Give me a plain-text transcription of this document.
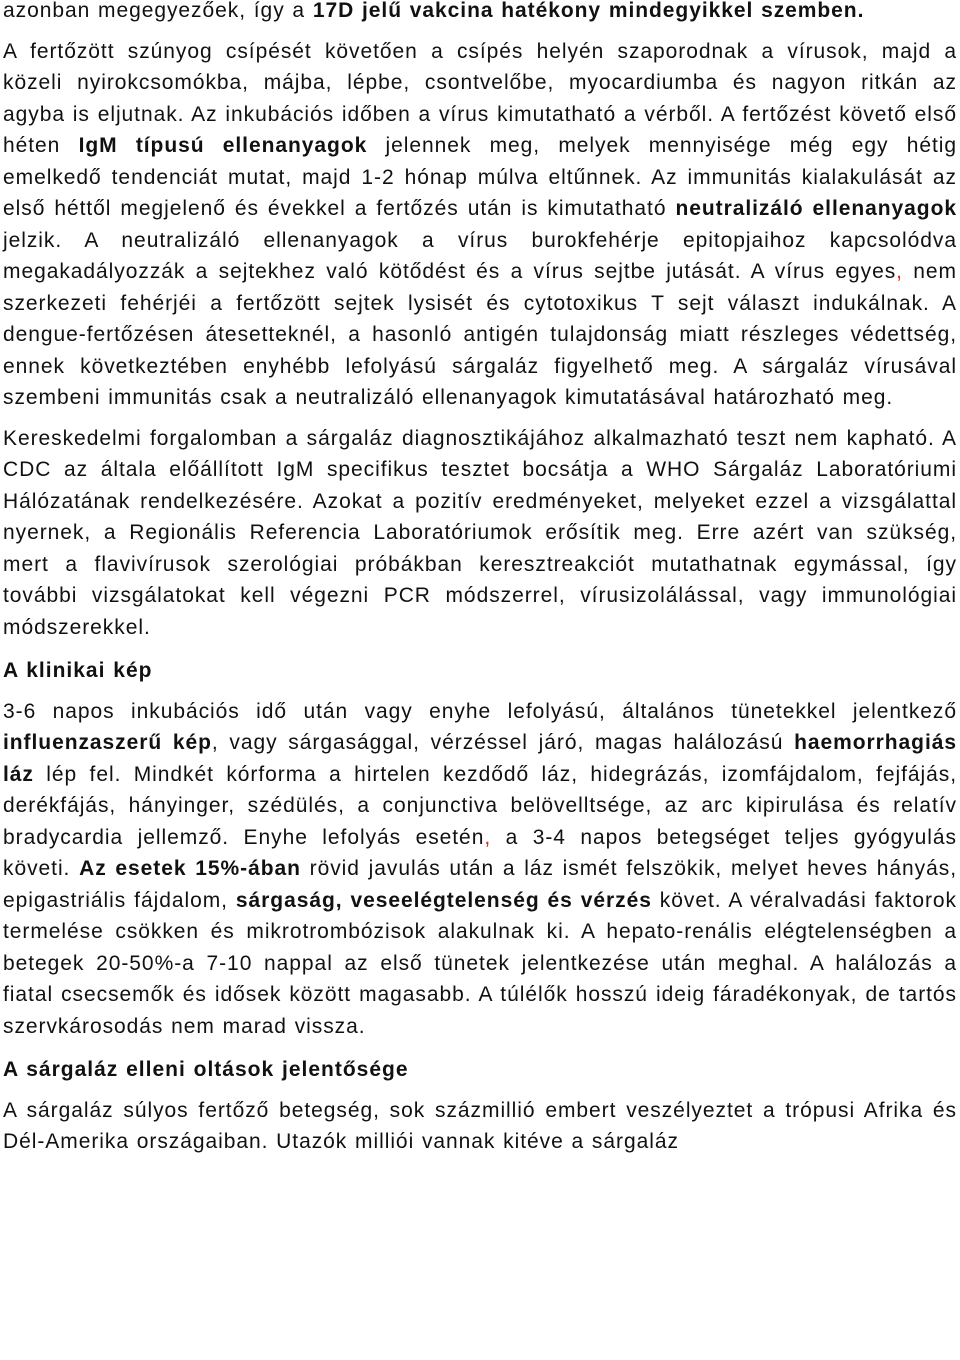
azonban megegyezőek, így a 17D jelű vakcina hatékony mindegyikkel szemben.

A fertőzött szúnyog csípését követően a csípés helyén szaporodnak a vírusok, majd a közeli nyirokcsomókba, májba, lépbe, csontvelőbe, myocardiumba és nagyon ritkán az agyba is eljutnak. Az inkubációs időben a vírus kimutatható a vérből. A fertőzést követő első héten IgM típusú ellenanyagok jelennek meg, melyek mennyisége még egy hétig emelkedő tendenciát mutat, majd 1-2 hónap múlva eltűnnek. Az immunitás kialakulását az első héttől megjelenő és évekkel a fertőzés után is kimutatható neutralizáló ellenanyagok jelzik. A neutralizáló ellenanyagok a vírus burokfehérje epitopjaihoz kapcsolódva megakadályozzák a sejtekhez való kötődést és a vírus sejtbe jutását. A vírus egyes, nem szerkezeti fehérjéi a fertőzött sejtek lysisét és cytotoxikus T sejt választ indukálnak. A dengue-fertőzésen átesetteknél, a hasonló antigén tulajdonság miatt részleges védettség, ennek következtében enyhébb lefolyású sárgaláz figyelhető meg. A sárgaláz vírusával szembeni immunitás csak a neutralizáló ellenanyagok kimutatásával határozható meg.

Kereskedelmi forgalomban a sárgaláz diagnosztikájához alkalmazható teszt nem kapható. A CDC az általa előállított IgM specifikus tesztet bocsátja a WHO Sárgaláz Laboratóriumi Hálózatának rendelkezésére. Azokat a pozitív eredményeket, melyeket ezzel a vizsgálattal nyernek, a Regionális Referencia Laboratóriumok erősítik meg. Erre azért van szükség, mert a flavivírusok szerológiai próbákban keresztreakciót mutathatnak egymással, így további vizsgálatokat kell végezni PCR módszerrel, vírusizolálással, vagy immunológiai módszerekkel.

A klinikai kép

3-6 napos inkubációs idő után vagy enyhe lefolyású, általános tünetekkel jelentkező influenzaszerű kép, vagy sárgasággal, vérzéssel járó, magas halálozású haemorrhagiás láz lép fel. Mindkét kórforma a hirtelen kezdődő láz, hidegrázás, izomfájdalom, fejfájás, derékfájás, hányinger, szédülés, a conjunctiva belövelltsége, az arc kipirulása és relatív bradycardia jellemző. Enyhe lefolyás esetén, a 3-4 napos betegséget teljes gyógyulás követi. Az esetek 15%-ában rövid javulás után a láz ismét felszökik, melyet heves hányás, epigastriális fájdalom, sárgaság, veseelégtelenség és vérzés követ. A véralvadási faktorok termelése csökken és mikrotrombózisok alakulnak ki. A hepato-renális elégtelenségben a betegek 20-50%-a 7-10 nappal az első tünetek jelentkezése után meghal. A halálozás a fiatal csecsemők és idősek között magasabb. A túlélők hosszú ideig fáradékonyak, de tartós szervkárosodás nem marad vissza.

A sárgaláz elleni oltások jelentősége

A sárgaláz súlyos fertőző betegség, sok százmillió embert veszélyeztet a trópusi Afrika és Dél-Amerika országaiban. Utazók milliói vannak kitéve a sárgaláz
